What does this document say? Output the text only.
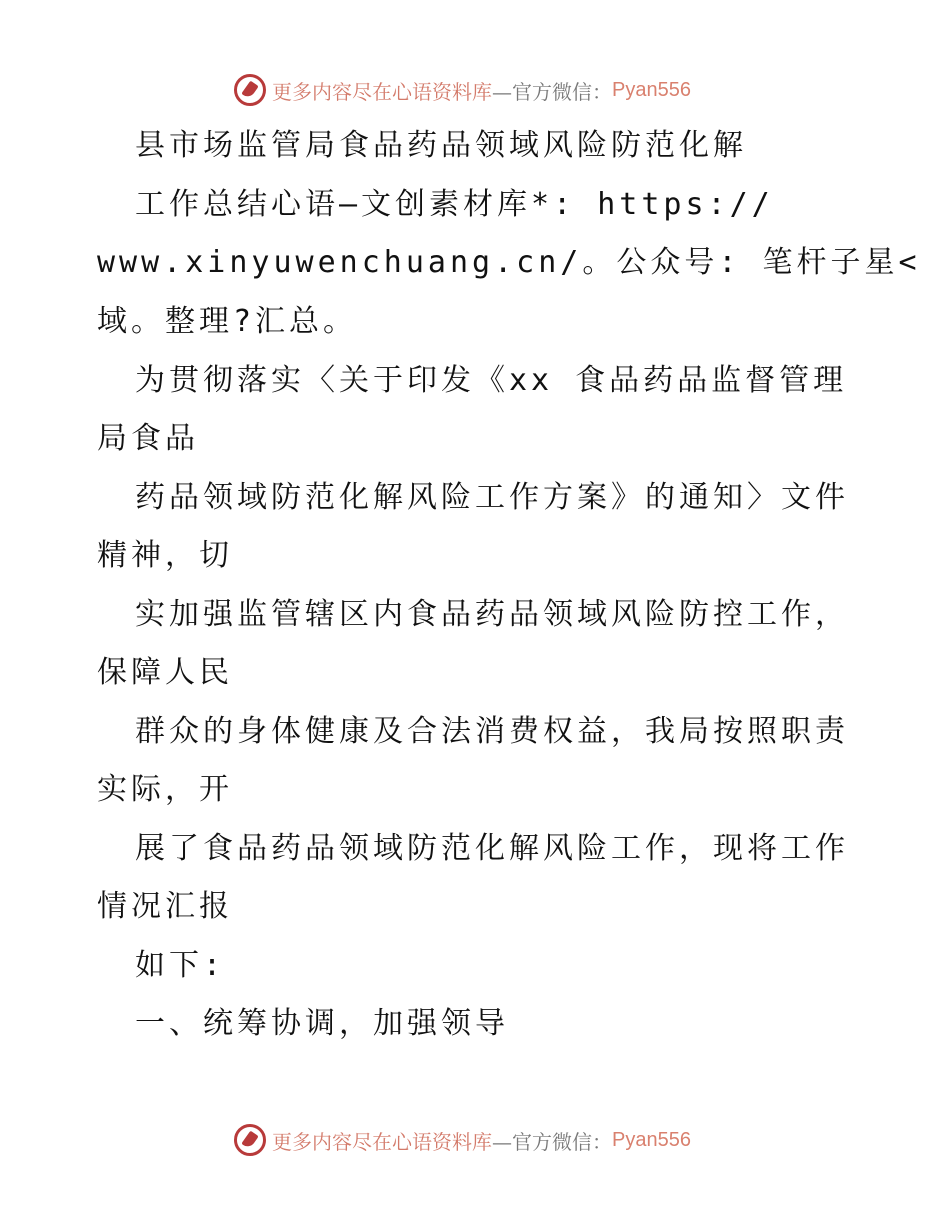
更多内容尽在心语资料库 —官方微信： Pyan556
县市场监管局食品药品领域风险防范化解
工作总结心语—文创素材库*: https://
www.xinyuwenchuang.cn/。公众号: 笔杆子星<
域。整理?汇总。
为贯彻落实〈关于印发《xx 食品药品监督管理
局食品
药品领域防范化解风险工作方案》的通知〉文件
精神，切
实加强监管辖区内食品药品领域风险防控工作，
保障人民
群众的身体健康及合法消费权益，我局按照职责
实际，开
展了食品药品领域防范化解风险工作，现将工作
情况汇报
如下:
一、统筹协调，加强领导
更多内容尽在心语资料库 —官方微信： Pyan556
